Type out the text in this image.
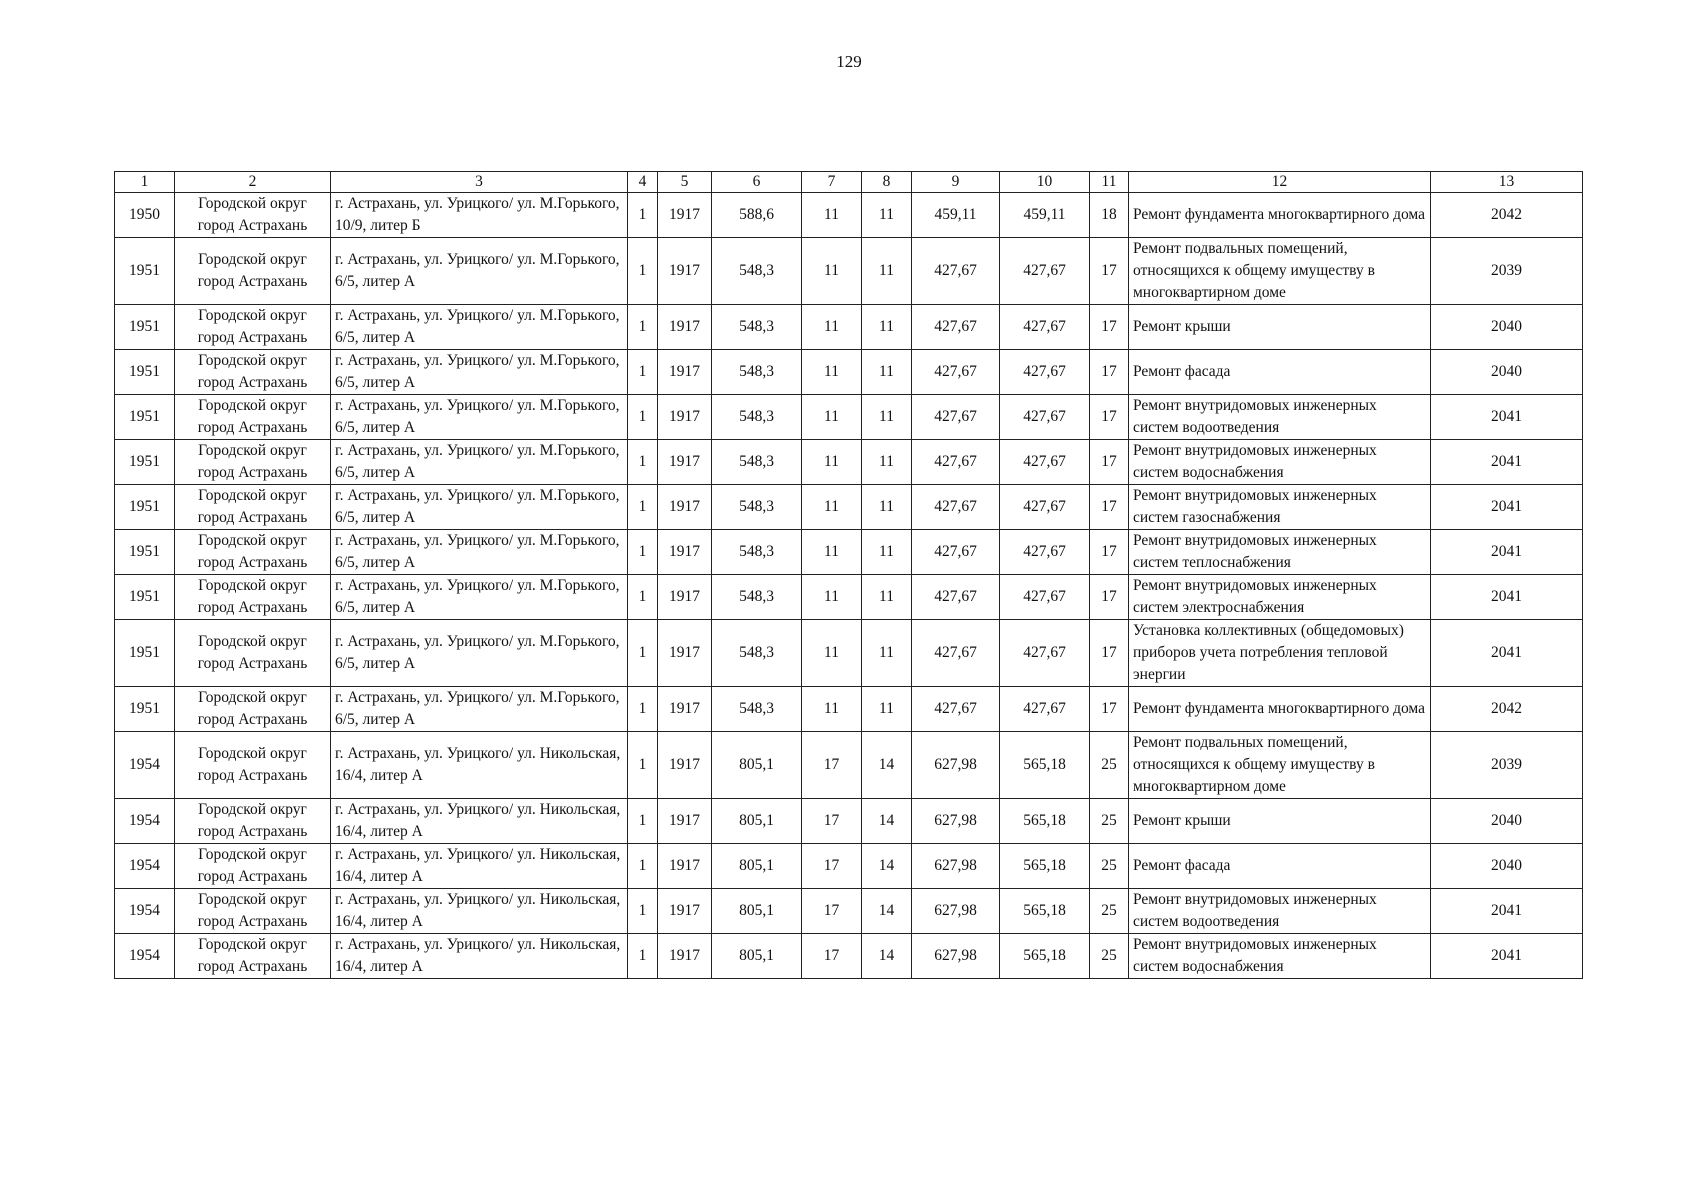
129
1	2	3	4	5	6	7	8	9	10	11	12	13
1950	Городской округ город Астрахань	г. Астрахань, ул. Урицкого/ ул. М.Горького, 10/9, литер Б	1	1917	588,6	11	11	459,11	459,11	18	Ремонт фундамента многоквартирного дома	2042
1951	Городской округ город Астрахань	г. Астрахань, ул. Урицкого/ ул. М.Горького, 6/5, литер А	1	1917	548,3	11	11	427,67	427,67	17	Ремонт подвальных помещений, относящихся к общему имуществу в многоквартирном доме	2039
1951	Городской округ город Астрахань	г. Астрахань, ул. Урицкого/ ул. М.Горького, 6/5, литер А	1	1917	548,3	11	11	427,67	427,67	17	Ремонт крыши	2040
1951	Городской округ город Астрахань	г. Астрахань, ул. Урицкого/ ул. М.Горького, 6/5, литер А	1	1917	548,3	11	11	427,67	427,67	17	Ремонт фасада	2040
1951	Городской округ город Астрахань	г. Астрахань, ул. Урицкого/ ул. М.Горького, 6/5, литер А	1	1917	548,3	11	11	427,67	427,67	17	Ремонт внутридомовых инженерных систем водоотведения	2041
1951	Городской округ город Астрахань	г. Астрахань, ул. Урицкого/ ул. М.Горького, 6/5, литер А	1	1917	548,3	11	11	427,67	427,67	17	Ремонт внутридомовых инженерных систем водоснабжения	2041
1951	Городской округ город Астрахань	г. Астрахань, ул. Урицкого/ ул. М.Горького, 6/5, литер А	1	1917	548,3	11	11	427,67	427,67	17	Ремонт внутридомовых инженерных систем газоснабжения	2041
1951	Городской округ город Астрахань	г. Астрахань, ул. Урицкого/ ул. М.Горького, 6/5, литер А	1	1917	548,3	11	11	427,67	427,67	17	Ремонт внутридомовых инженерных систем теплоснабжения	2041
1951	Городской округ город Астрахань	г. Астрахань, ул. Урицкого/ ул. М.Горького, 6/5, литер А	1	1917	548,3	11	11	427,67	427,67	17	Ремонт внутридомовых инженерных систем электроснабжения	2041
1951	Городской округ город Астрахань	г. Астрахань, ул. Урицкого/ ул. М.Горького, 6/5, литер А	1	1917	548,3	11	11	427,67	427,67	17	Установка коллективных (общедомовых) приборов учета потребления тепловой энергии	2041
1951	Городской округ город Астрахань	г. Астрахань, ул. Урицкого/ ул. М.Горького, 6/5, литер А	1	1917	548,3	11	11	427,67	427,67	17	Ремонт фундамента многоквартирного дома	2042
1954	Городской округ город Астрахань	г. Астрахань, ул. Урицкого/ ул. Никольская, 16/4, литер А	1	1917	805,1	17	14	627,98	565,18	25	Ремонт подвальных помещений, относящихся к общему имуществу в многоквартирном доме	2039
1954	Городской округ город Астрахань	г. Астрахань, ул. Урицкого/ ул. Никольская, 16/4, литер А	1	1917	805,1	17	14	627,98	565,18	25	Ремонт крыши	2040
1954	Городской округ город Астрахань	г. Астрахань, ул. Урицкого/ ул. Никольская, 16/4, литер А	1	1917	805,1	17	14	627,98	565,18	25	Ремонт фасада	2040
1954	Городской округ город Астрахань	г. Астрахань, ул. Урицкого/ ул. Никольская, 16/4, литер А	1	1917	805,1	17	14	627,98	565,18	25	Ремонт внутридомовых инженерных систем водоотведения	2041
1954	Городской округ город Астрахань	г. Астрахань, ул. Урицкого/ ул. Никольская, 16/4, литер А	1	1917	805,1	17	14	627,98	565,18	25	Ремонт внутридомовых инженерных систем водоснабжения	2041
